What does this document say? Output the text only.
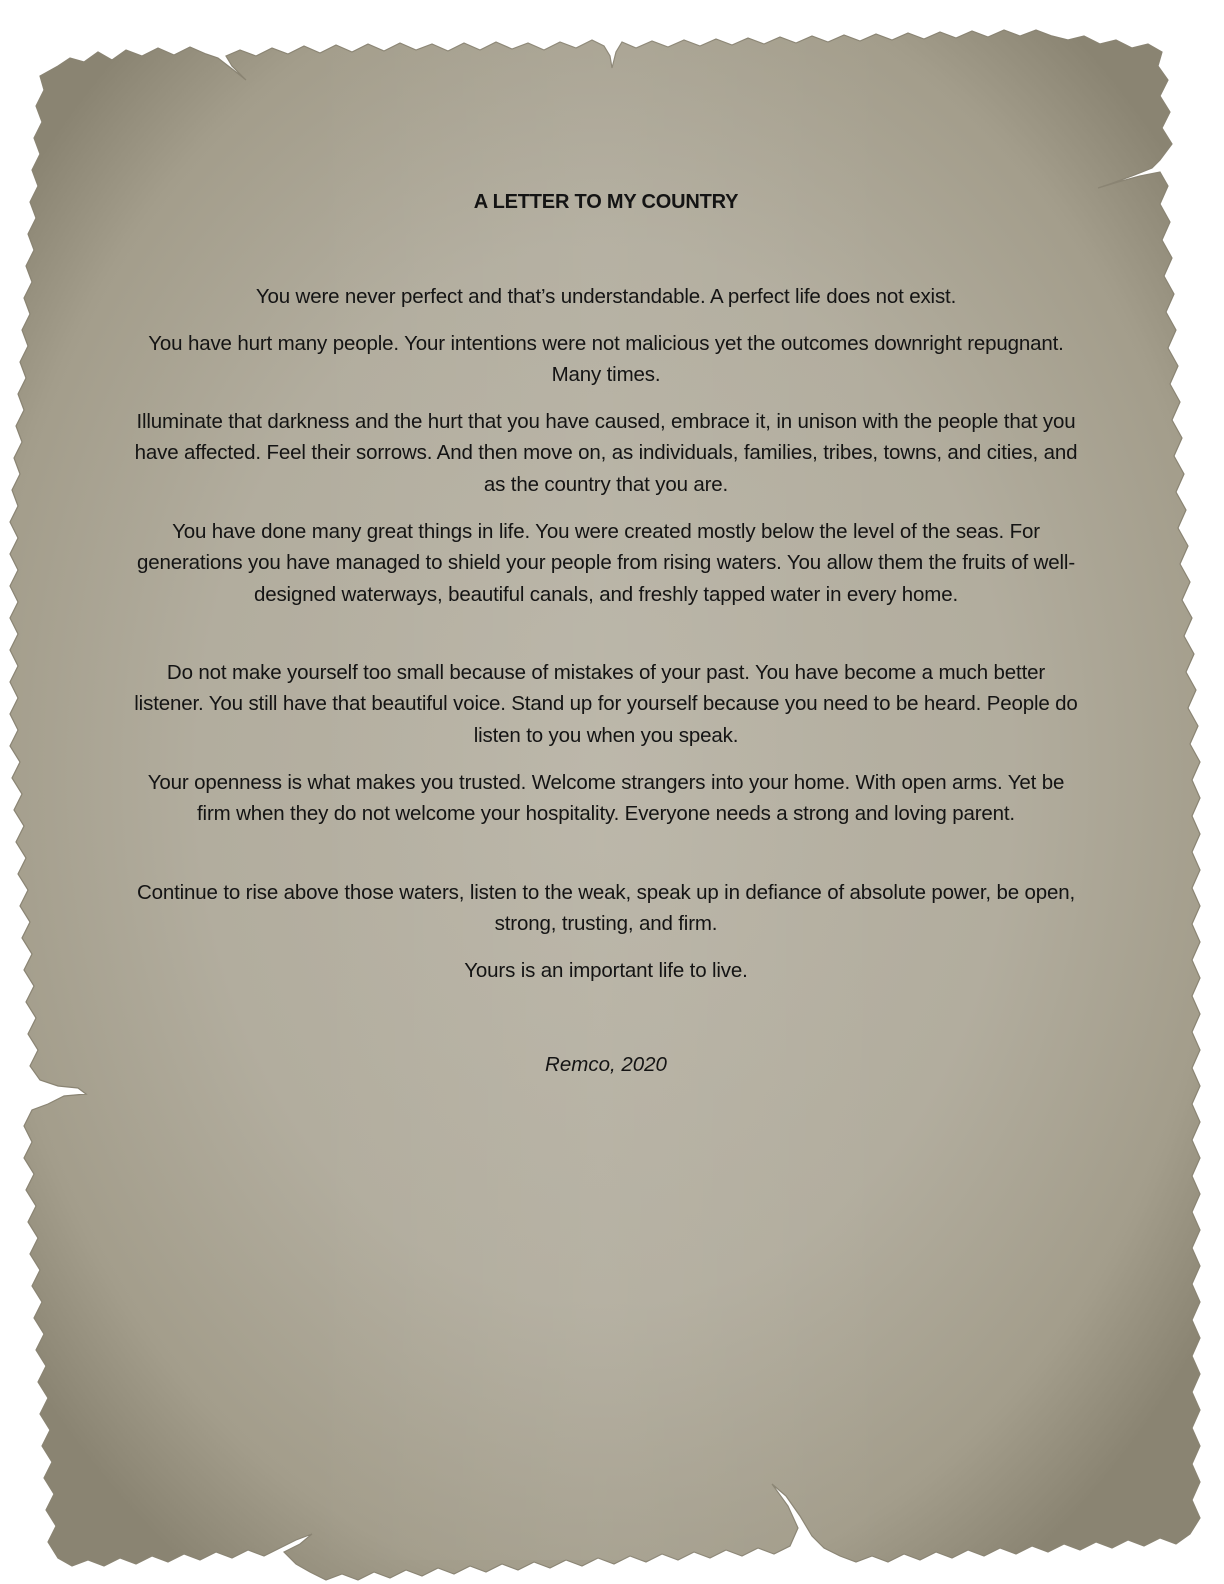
A LETTER TO MY COUNTRY

You were never perfect and that’s understandable. A perfect life does not exist.

You have hurt many people. Your intentions were not malicious yet the outcomes downright repugnant. Many times.

Illuminate that darkness and the hurt that you have caused, embrace it, in unison with the people that you have affected. Feel their sorrows. And then move on, as individuals, families, tribes, towns, and cities, and as the country that you are.

You have done many great things in life. You were created mostly below the level of the seas. For generations you have managed to shield your people from rising waters. You allow them the fruits of well-designed waterways, beautiful canals, and freshly tapped water in every home.

Do not make yourself too small because of mistakes of your past. You have become a much better listener. You still have that beautiful voice. Stand up for yourself because you need to be heard. People do listen to you when you speak.

Your openness is what makes you trusted. Welcome strangers into your home. With open arms. Yet be firm when they do not welcome your hospitality. Everyone needs a strong and loving parent.

Continue to rise above those waters, listen to the weak, speak up in defiance of absolute power, be open, strong, trusting, and firm.

Yours is an important life to live.

Remco, 2020
